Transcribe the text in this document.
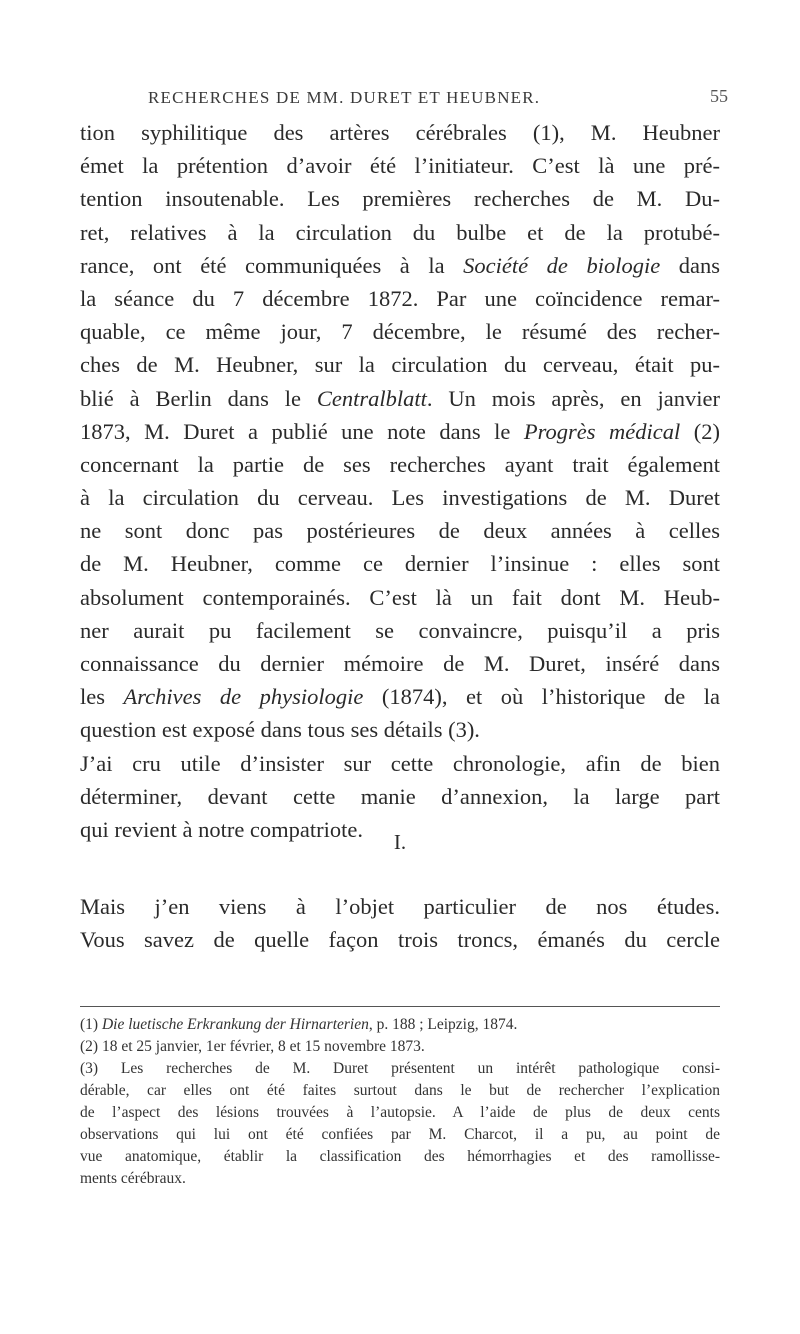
RECHERCHES DE MM. DURET ET HEUBNER.	55
tion syphilitique des artères cérébrales (1), M. Heubner
émet la prétention d’avoir été l’initiateur. C’est là une pré-
tention insoutenable. Les premières recherches de M. Du-
ret, relatives à la circulation du bulbe et de la protubé-
rance, ont été communiquées à la Société de biologie dans
la séance du 7 décembre 1872. Par une coïncidence remar-
quable, ce même jour, 7 décembre, le résumé des recher-
ches de M. Heubner, sur la circulation du cerveau, était pu-
blié à Berlin dans le Centralblatt. Un mois après, en janvier
1873, M. Duret a publié une note dans le Progrès médical (2)
concernant la partie de ses recherches ayant trait également
à la circulation du cerveau. Les investigations de M. Duret
ne sont donc pas postérieures de deux années à celles
de M. Heubner, comme ce dernier l’insinue : elles sont
absolument contemporainés. C’est là un fait dont M. Heub-
ner aurait pu facilement se convaincre, puisqu’il a pris
connaissance du dernier mémoire de M. Duret, inséré dans
les Archives de physiologie (1874), et où l’historique de la
question est exposé dans tous ses détails (3).
J’ai cru utile d’insister sur cette chronologie, afin de bien
déterminer, devant cette manie d’annexion, la large part
qui revient à notre compatriote.
I.
Mais j’en viens à l’objet particulier de nos études.
Vous savez de quelle façon trois troncs, émanés du cercle
(1) Die luetische Erkrankung der Hirnarterien, p. 188 ; Leipzig, 1874.
(2) 18 et 25 janvier, 1er février, 8 et 15 novembre 1873.
(3) Les recherches de M. Duret présentent un intérêt pathologique consi-
dérable, car elles ont été faites surtout dans le but de rechercher l’explication
de l’aspect des lésions trouvées à l’autopsie. A l’aide de plus de deux cents
observations qui lui ont été confiées par M. Charcot, il a pu, au point de
vue anatomique, établir la classification des hémorrhagies et des ramollisse-
ments cérébraux.
